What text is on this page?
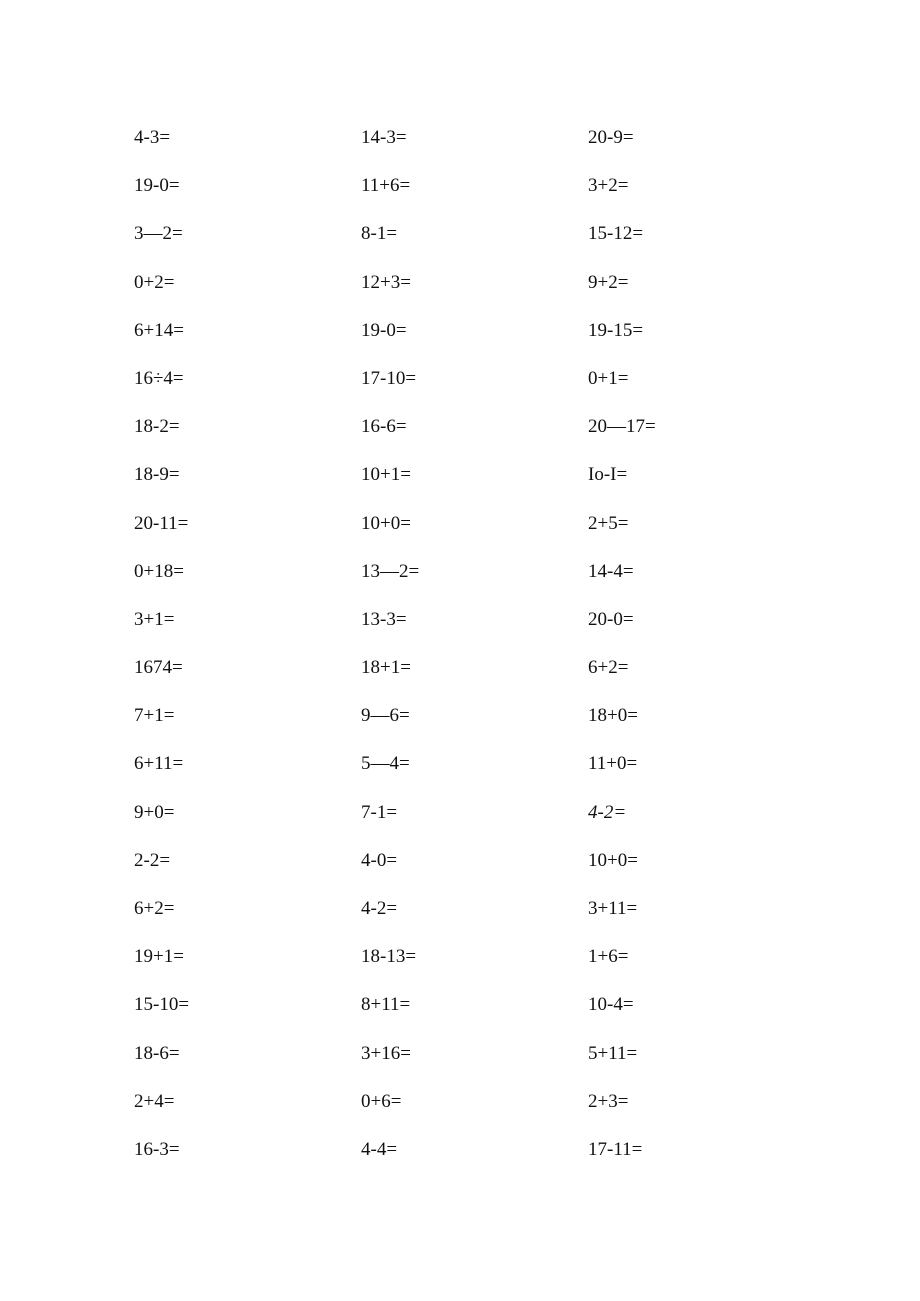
4-3=	14-3=	20-9=
19-0=	11+6=	3+2=
3—2=	8-1=	15-12=
0+2=	12+3=	9+2=
6+14=	19-0=	19-15=
16÷4=	17-10=	0+1=
18-2=	16-6=	20—17=
18-9=	10+1=	Io-I=
20-11=	10+0=	2+5=
0+18=	13—2=	14-4=
3+1=	13-3=	20-0=
1674=	18+1=	6+2=
7+1=	9—6=	18+0=
6+11=	5—4=	11+0=
9+0=	7-1=	4-2=
2-2=	4-0=	10+0=
6+2=	4-2=	3+11=
19+1=	18-13=	1+6=
15-10=	8+11=	10-4=
18-6=	3+16=	5+11=
2+4=	0+6=	2+3=
16-3=	4-4=	17-11=
